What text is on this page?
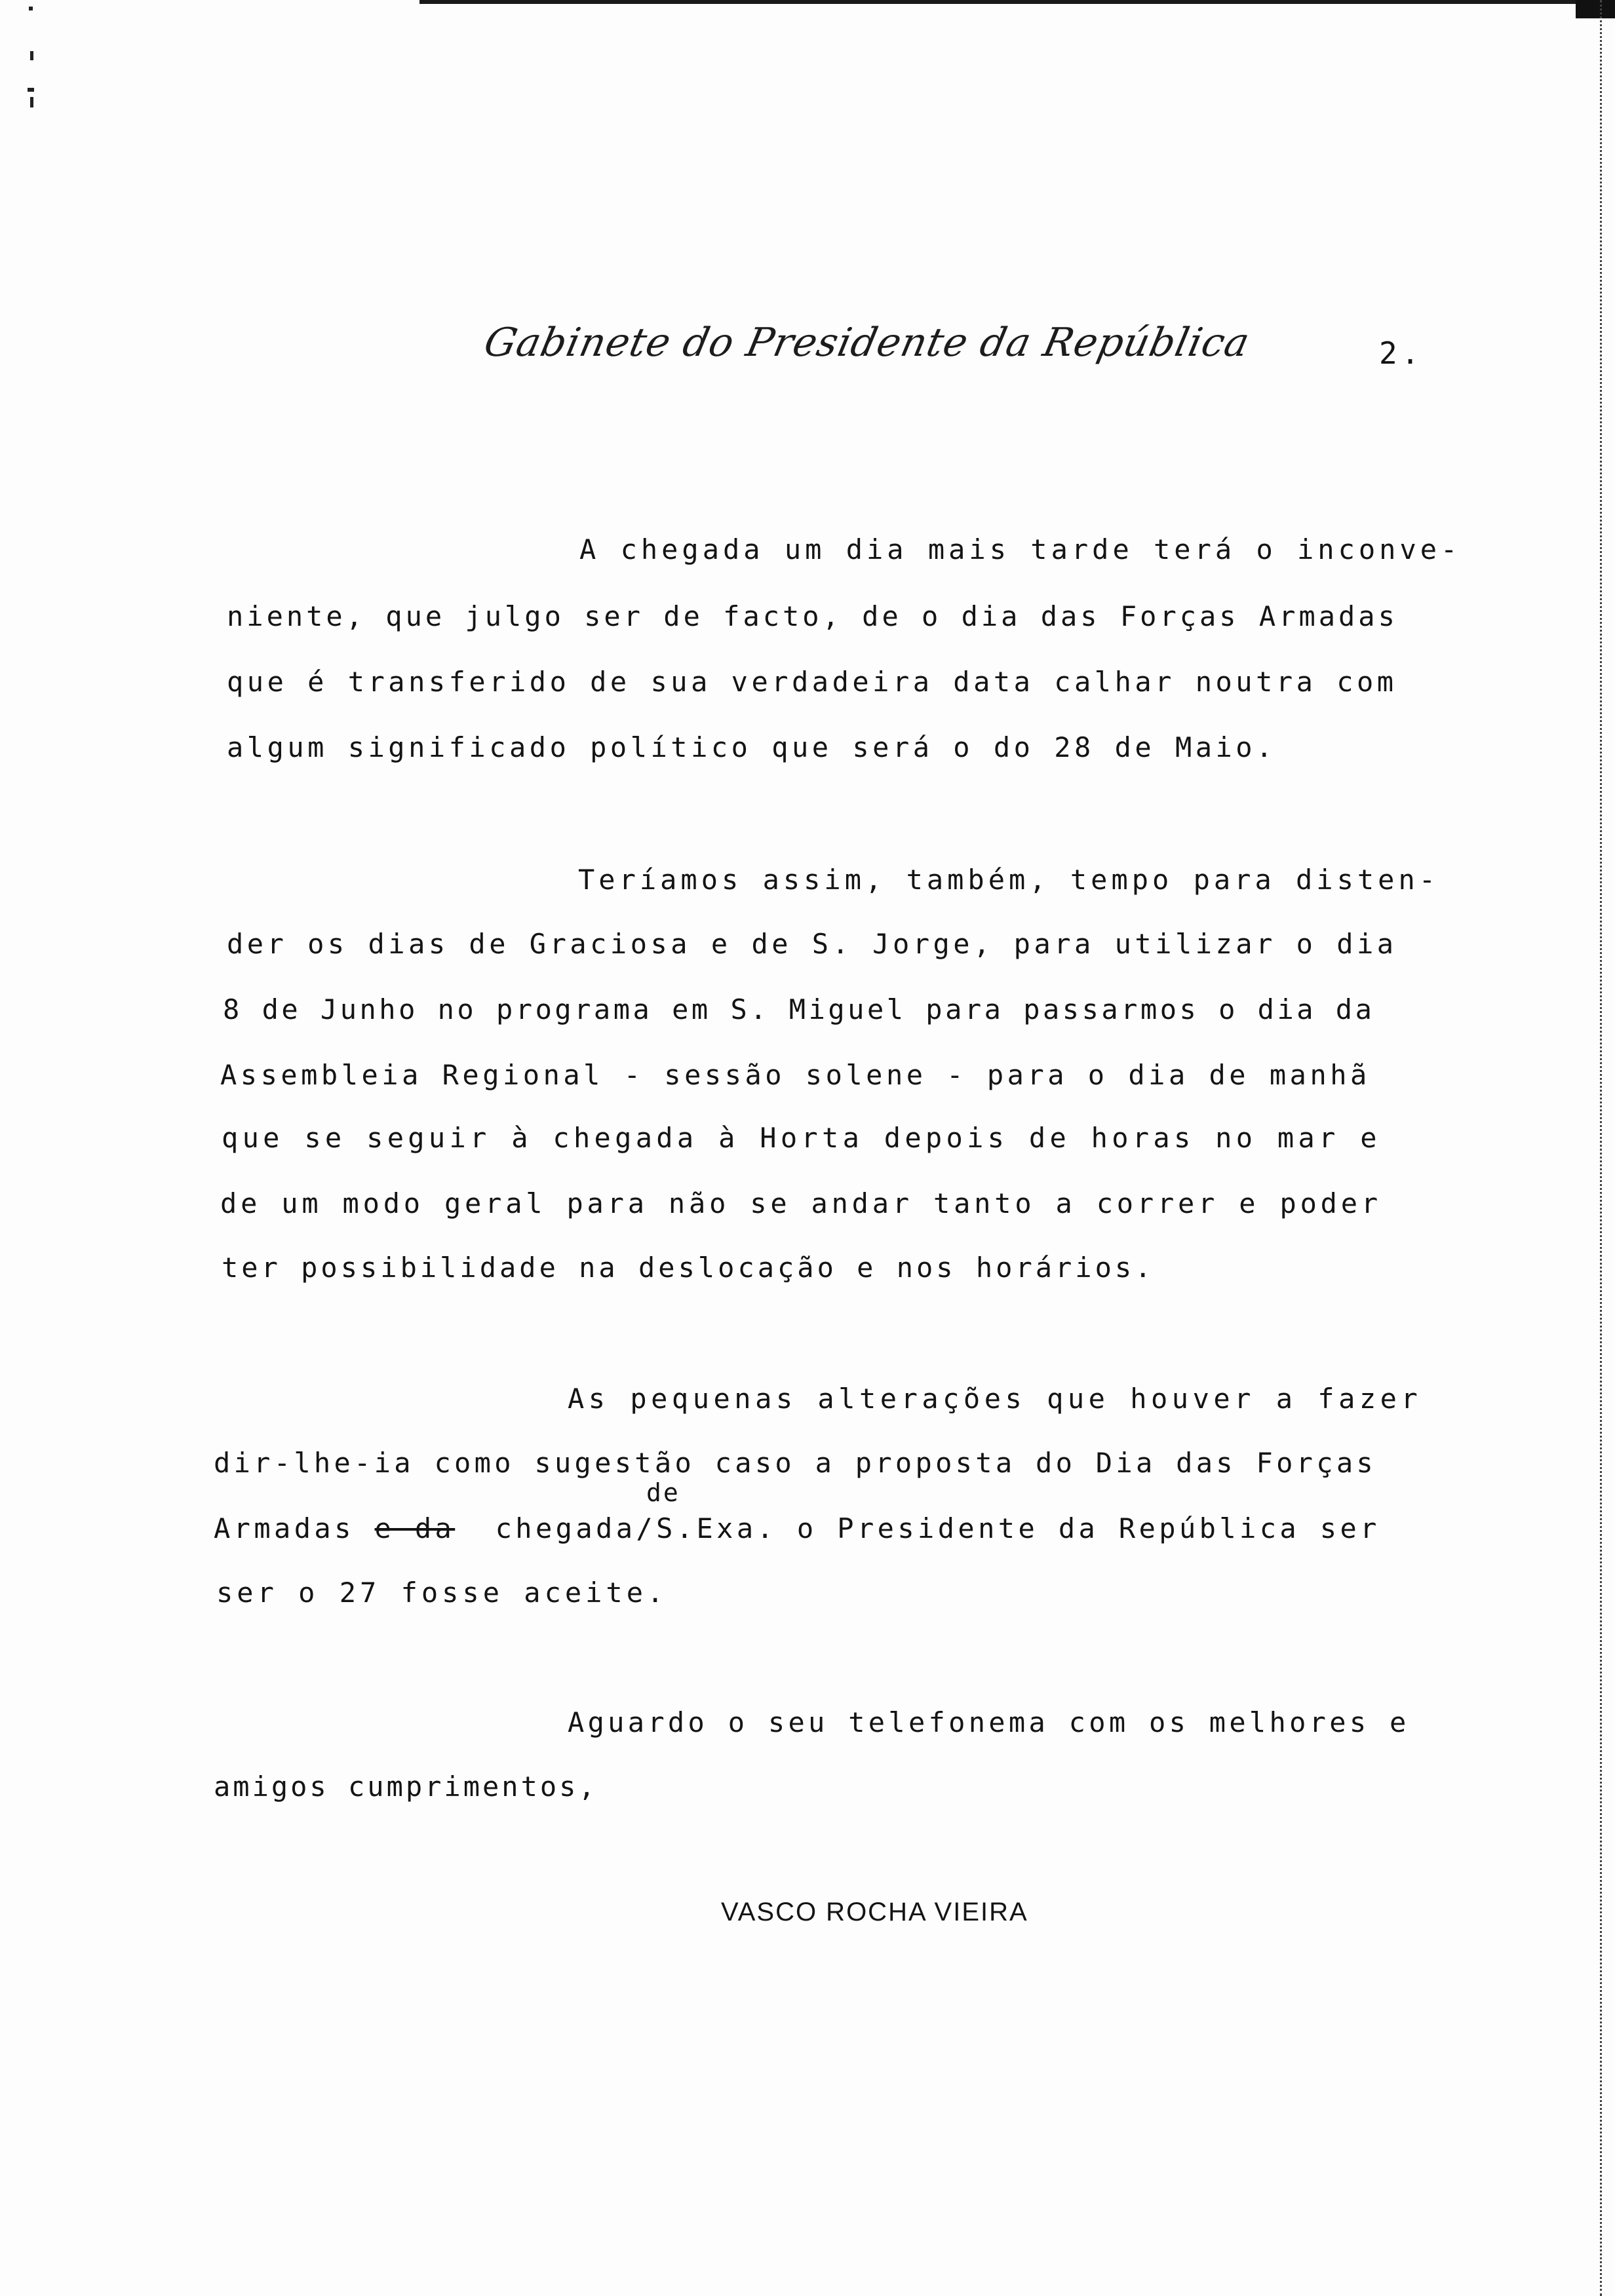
Gabinete do Presidente da República	2.
A chegada um dia mais tarde terá o inconve-
niente, que julgo ser de facto, de o dia das Forças Armadas
que é transferido de sua verdadeira data calhar noutra com
algum significado político que será o do 28 de Maio.
Teríamos assim, também, tempo para disten-
der os dias de Graciosa e de S. Jorge, para utilizar o dia
8 de Junho no programa em S. Miguel para passarmos o dia da
Assembleia Regional - sessão solene - para o dia de manhã
que se seguir à chegada à Horta depois de horas no mar e
de um modo geral para não se andar tanto a correr e poder
ter possibilidade na deslocação e nos horários.
As pequenas alterações que houver a fazer
dir-lhe-ia como sugestão caso a proposta do Dia das Forças
de
Armadas e da chegada/S.Exa. o Presidente da República ser
ser o 27 fosse aceite.
Aguardo o seu telefonema com os melhores e
amigos cumprimentos,
VASCO ROCHA VIEIRA
